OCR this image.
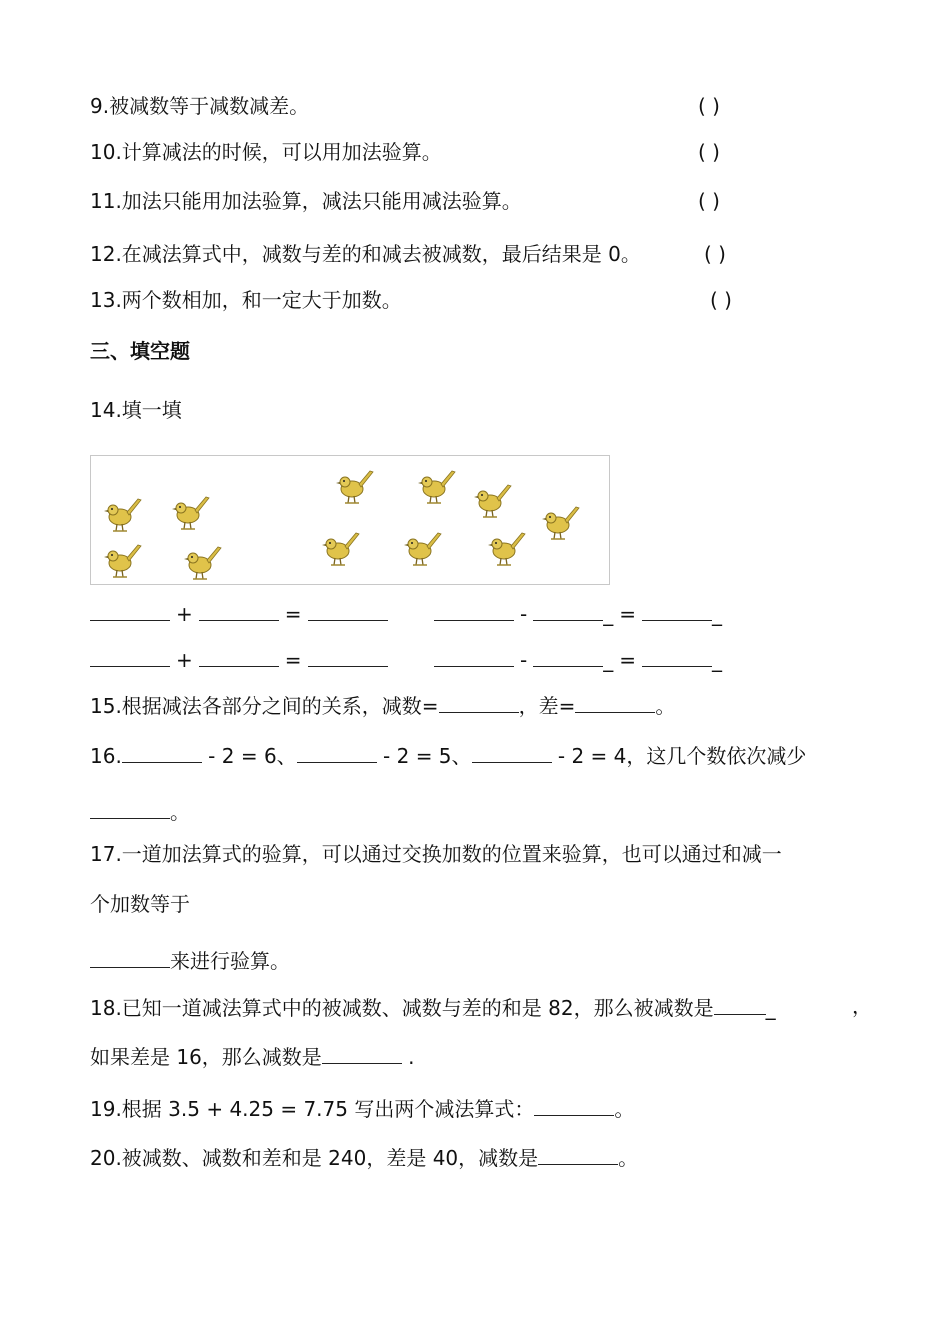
9.被减数等于减数减差。	( )
10.计算减法的时候，可以用加法验算。	( )
11.加法只能用加法验算，减法只能用减法验算。	( )
12.在减法算式中，减数与差的和减去被减数，最后结果是 0。	( )
13.两个数相加，和一定大于加数。	( )
三、填空题
14.填一填
+	=	-	_ =	_
+	=	-	_ =	_
15.根据减法各部分之间的关系，减数=	，差=	。
16.	- 2 = 6、	- 2 = 5、	- 2 = 4，这几个数依次减少
。
17.一道加法算式的验算，可以通过交换加数的位置来验算，也可以通过和减一
个加数等于
来进行验算。
18.已知一道减法算式中的被减数、减数与差的和是 82，那么被减数是	_	，
如果差是 16，那么减数是	.
19.根据 3.5 + 4.25 = 7.75 写出两个减法算式：	。
20.被减数、减数和差和是 240，差是 40，减数是	。
